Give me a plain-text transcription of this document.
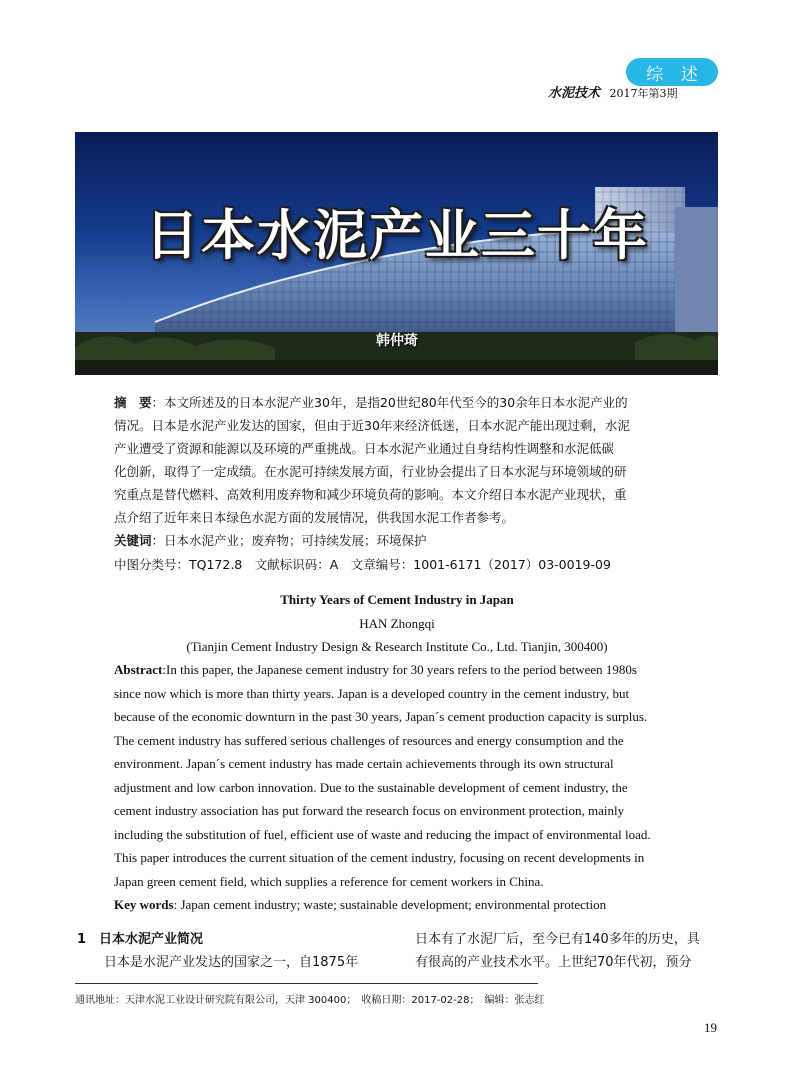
综 述
水泥技术 2017年第3期
日本水泥产业三十年
韩仲琦
摘　要：本文所述及的日本水泥产业30年，是指20世纪80年代至今的30余年日本水泥产业的
情况。日本是水泥产业发达的国家，但由于近30年来经济低迷，日本水泥产能出现过剩，水泥
产业遭受了资源和能源以及环境的严重挑战。日本水泥产业通过自身结构性调整和水泥低碳
化创新，取得了一定成绩。在水泥可持续发展方面，行业协会提出了日本水泥与环境领域的研
究重点是替代燃料、高效利用废弃物和减少环境负荷的影响。本文介绍日本水泥产业现状，重
点介绍了近年来日本绿色水泥方面的发展情况，供我国水泥工作者参考。
关键词：日本水泥产业；废弃物；可持续发展；环境保护
中图分类号：TQ172.8　文献标识码：A　文章编号：1001-6171（2017）03-0019-09
Thirty Years of Cement Industry in Japan
HAN Zhongqi
(Tianjin Cement Industry Design & Research Institute Co., Ltd. Tianjin, 300400)
Abstract:In this paper, the Japanese cement industry for 30 years refers to the period between 1980s
since now which is more than thirty years. Japan is a developed country in the cement industry, but
because of the economic downturn in the past 30 years, Japan´s cement production capacity is surplus.
The cement industry has suffered serious challenges of resources and energy consumption and the
environment. Japan´s cement industry has made certain achievements through its own structural
adjustment and low carbon innovation. Due to the sustainable development of cement industry, the
cement industry association has put forward the research focus on environment protection, mainly
including the substitution of fuel, efficient use of waste and reducing the impact of environmental load.
This paper introduces the current situation of the cement industry, focusing on recent developments in
Japan green cement field, which supplies a reference for cement workers in China.
Key words: Japan cement industry; waste; sustainable development; environmental protection
1　日本水泥产业简况
日本是水泥产业发达的国家之一，自1875年
日本有了水泥厂后，至今已有140多年的历史，具
有很高的产业技术水平。上世纪70年代初，预分
通讯地址：天津水泥工业设计研究院有限公司，天津 300400；　收稿日期：2017-02-28；　编辑：张志红
19
